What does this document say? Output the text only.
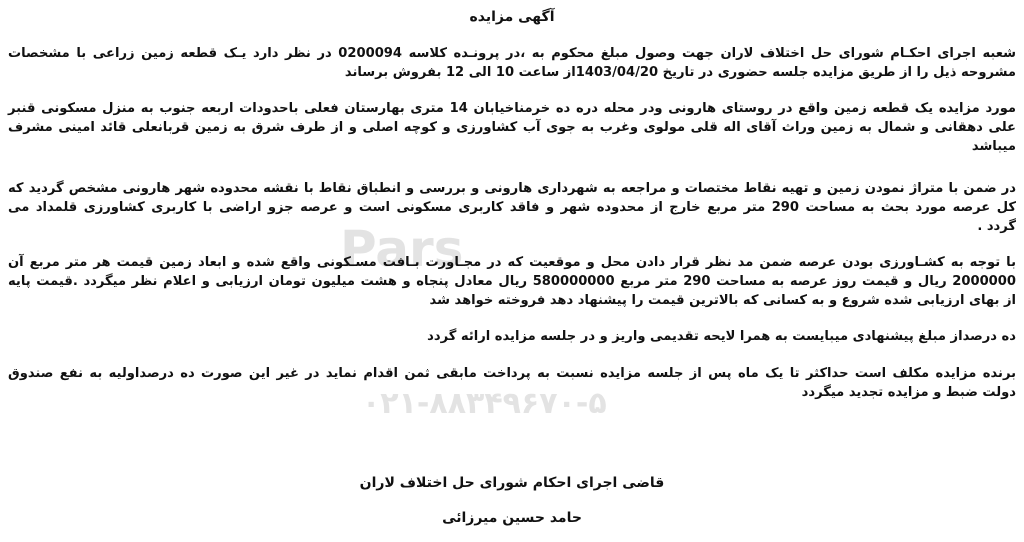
Pars
۰۲۱-۸۸۳۴۹۶۷۰-۵
آگهی مزایده
شعبه اجرای احکـام شورای حل اختلاف لاران جهت وصول مبلغ محکوم به ،در پرونـده کلاسه 0200094 در نظر دارد یـک قطعه زمین زراعی با مشخصات
مشروحه ذیل را از طریق مزایده جلسه حضوری در تاریخ 1403/04/20از ساعت 10 الی 12 بفروش برساند
مورد مزایده یک قطعه زمین واقع در روستای هارونی ودر محله دره ده خرمناخیابان 14 متری بهارستان فعلی باحدودات اربعه جنوب به منزل مسکونی قنبر
علی دهقانی و شمال به زمین وراث آقای اله قلی مولوی وغرب به جوی آب کشاورزی و کوچه اصلی و از طرف شرق به زمین قربانعلی قائد امینی مشرف
میباشد
در ضمن با متراژ نمودن زمین و تهیه نقاط مختصات و مراجعه به شهرداری هارونی و بررسی و انطباق نقاط با نقشه محدوده شهر هارونی مشخص گردید که
کل عرصه مورد بحث به مساحت 290 متر مربع خارج از محدوده شهر و فاقد کاربری مسکونی است و عرصه جزو اراضی با کاربری کشاورزی قلمداد می
گردد .
با توجه به کشـاورزی بودن عرصه ضمن مد نظر قرار دادن محل و موقعیت که در مجـاورت بـافت مسـکونی واقع شده و ابعاد زمین قیمت هر متر مربع آن
2000000 ریال و قیمت روز عرصه به مساحت 290 متر مربع 580000000 ریال معادل پنجاه و هشت میلیون تومان ارزیابی و اعلام نظر میگردد .قیمت پایه
از بهای ارزیابی شده شروع و به کسانی که بالاترین قیمت را پیشنهاد دهد فروخته خواهد شد
ده درصداز مبلغ پیشنهادی میبایست به همرا لایحه تقدیمی واریز و در جلسه مزایده ارائه گردد
برنده مزایده مکلف است حداکثر تا یک ماه پس از جلسه مزایده نسبت به پرداخت مابقی ثمن اقدام نماید در غیر این صورت ده درصداولیه به نفع صندوق
دولت ضبط و مزایده تجدید میگردد
قاضی اجرای احکام شورای حل اختلاف لاران
حامد حسین میرزائی
